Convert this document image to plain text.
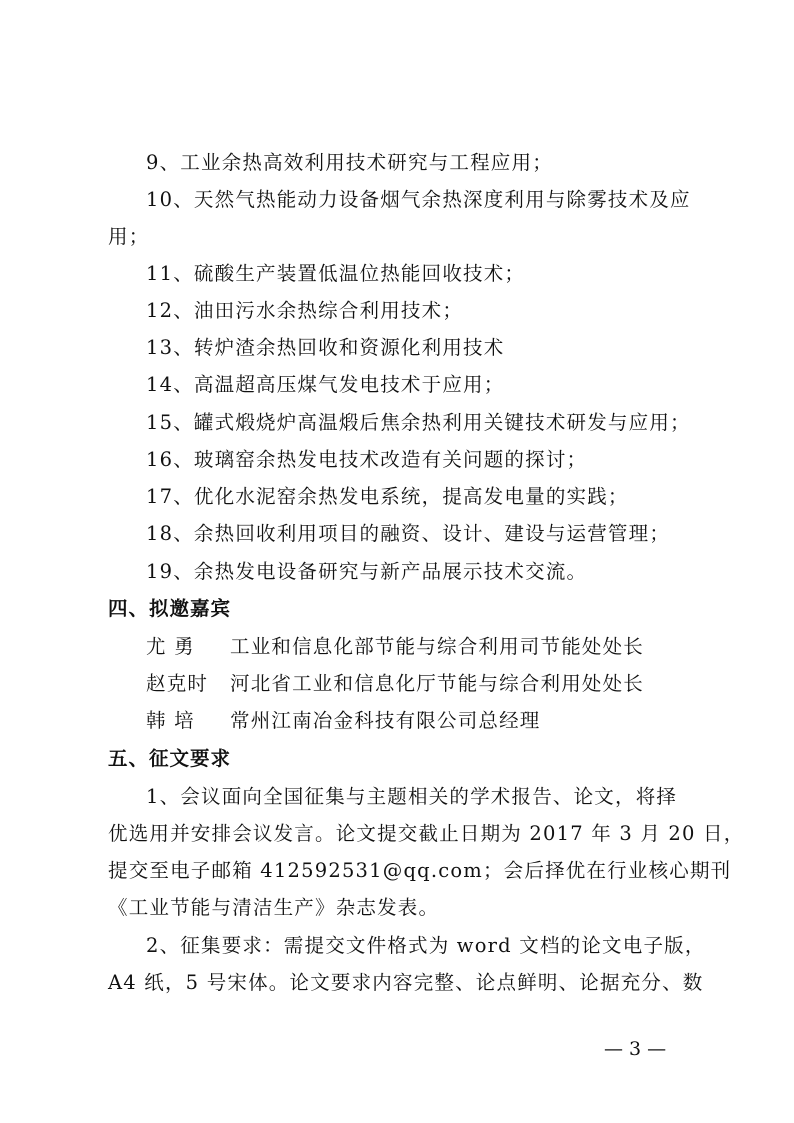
9、工业余热高效利用技术研究与工程应用；
10、天然气热能动力设备烟气余热深度利用与除雾技术及应
用；
11、硫酸生产装置低温位热能回收技术；
12、油田污水余热综合利用技术；
13、转炉渣余热回收和资源化利用技术
14、高温超高压煤气发电技术于应用；
15、罐式煅烧炉高温煅后焦余热利用关键技术研发与应用；
16、玻璃窑余热发电技术改造有关问题的探讨；
17、优化水泥窑余热发电系统，提高发电量的实践；
18、余热回收利用项目的融资、设计、建设与运营管理；
19、余热发电设备研究与新产品展示技术交流。
四、拟邀嘉宾
尤 勇 工业和信息化部节能与综合利用司节能处处长
赵克时 河北省工业和信息化厅节能与综合利用处处长
韩 培 常州江南冶金科技有限公司总经理
五、征文要求
1、会议面向全国征集与主题相关的学术报告、论文，将择
优选用并安排会议发言。论文提交截止日期为 2017 年 3 月 20 日，
提交至电子邮箱 412592531@qq.com；会后择优在行业核心期刊
《工业节能与清洁生产》杂志发表。
2、征集要求：需提交文件格式为 word 文档的论文电子版，
A4 纸，5 号宋体。论文要求内容完整、论点鲜明、论据充分、数
— 3 —
